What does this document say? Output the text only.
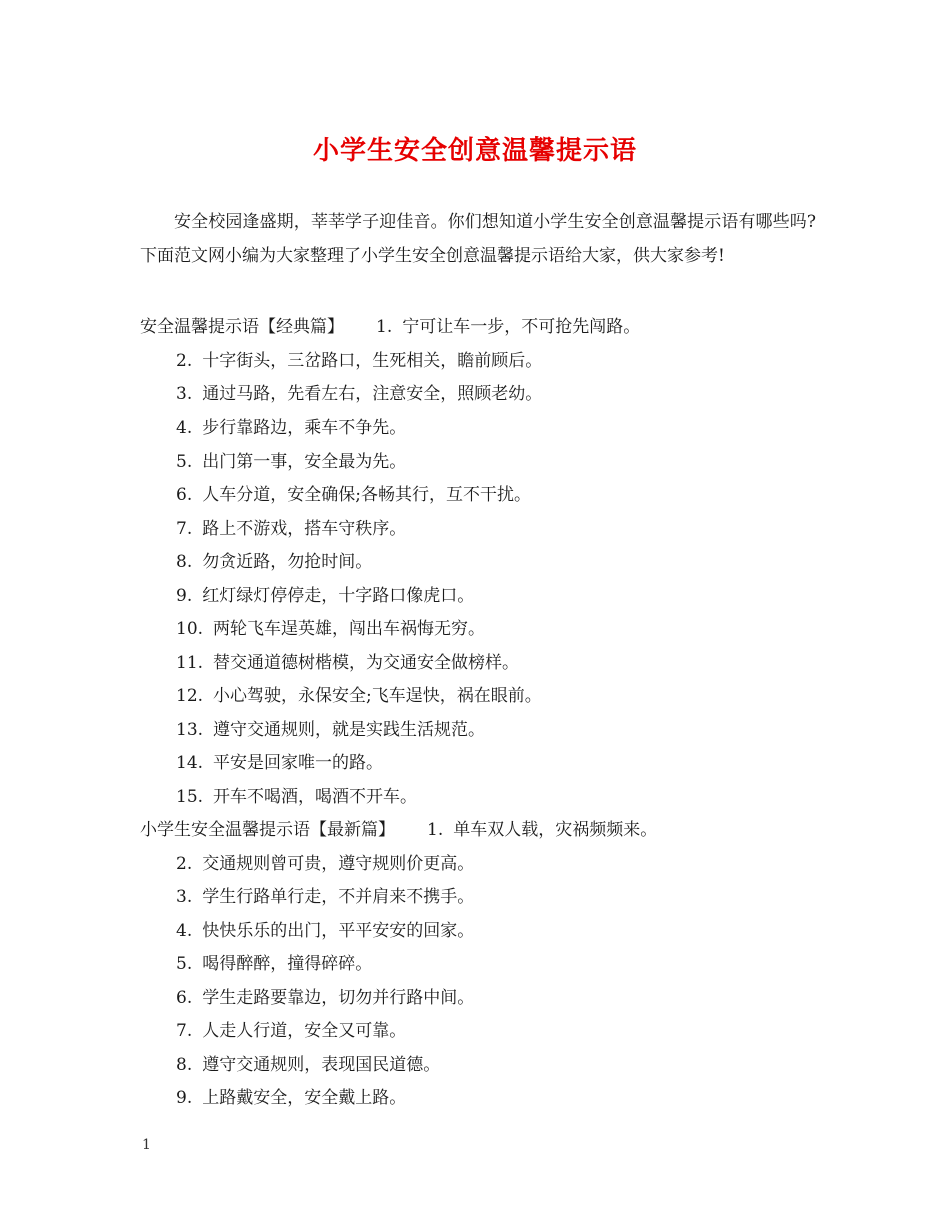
小学生安全创意温馨提示语
安全校园逢盛期，莘莘学子迎佳音。你们想知道小学生安全创意温馨提示语有哪些吗?下面范文网小编为大家整理了小学生安全创意温馨提示语给大家，供大家参考!
安全温馨提示语【经典篇】 1. 宁可让车一步，不可抢先闯路。
2. 十字街头，三岔路口，生死相关，瞻前顾后。
3. 通过马路，先看左右，注意安全，照顾老幼。
4. 步行靠路边，乘车不争先。
5. 出门第一事，安全最为先。
6. 人车分道，安全确保;各畅其行，互不干扰。
7. 路上不游戏，搭车守秩序。
8. 勿贪近路，勿抢时间。
9. 红灯绿灯停停走，十字路口像虎口。
10. 两轮飞车逞英雄，闯出车祸悔无穷。
11. 替交通道德树楷模，为交通安全做榜样。
12. 小心驾驶，永保安全;飞车逞快，祸在眼前。
13. 遵守交通规则，就是实践生活规范。
14. 平安是回家唯一的路。
15. 开车不喝酒，喝酒不开车。
小学生安全温馨提示语【最新篇】 1. 单车双人载，灾祸频频来。
2. 交通规则曾可贵，遵守规则价更高。
3. 学生行路单行走，不并肩来不携手。
4. 快快乐乐的出门，平平安安的回家。
5. 喝得醉醉，撞得碎碎。
6. 学生走路要靠边，切勿并行路中间。
7. 人走人行道，安全又可靠。
8. 遵守交通规则，表现国民道德。
9. 上路戴安全，安全戴上路。
1
